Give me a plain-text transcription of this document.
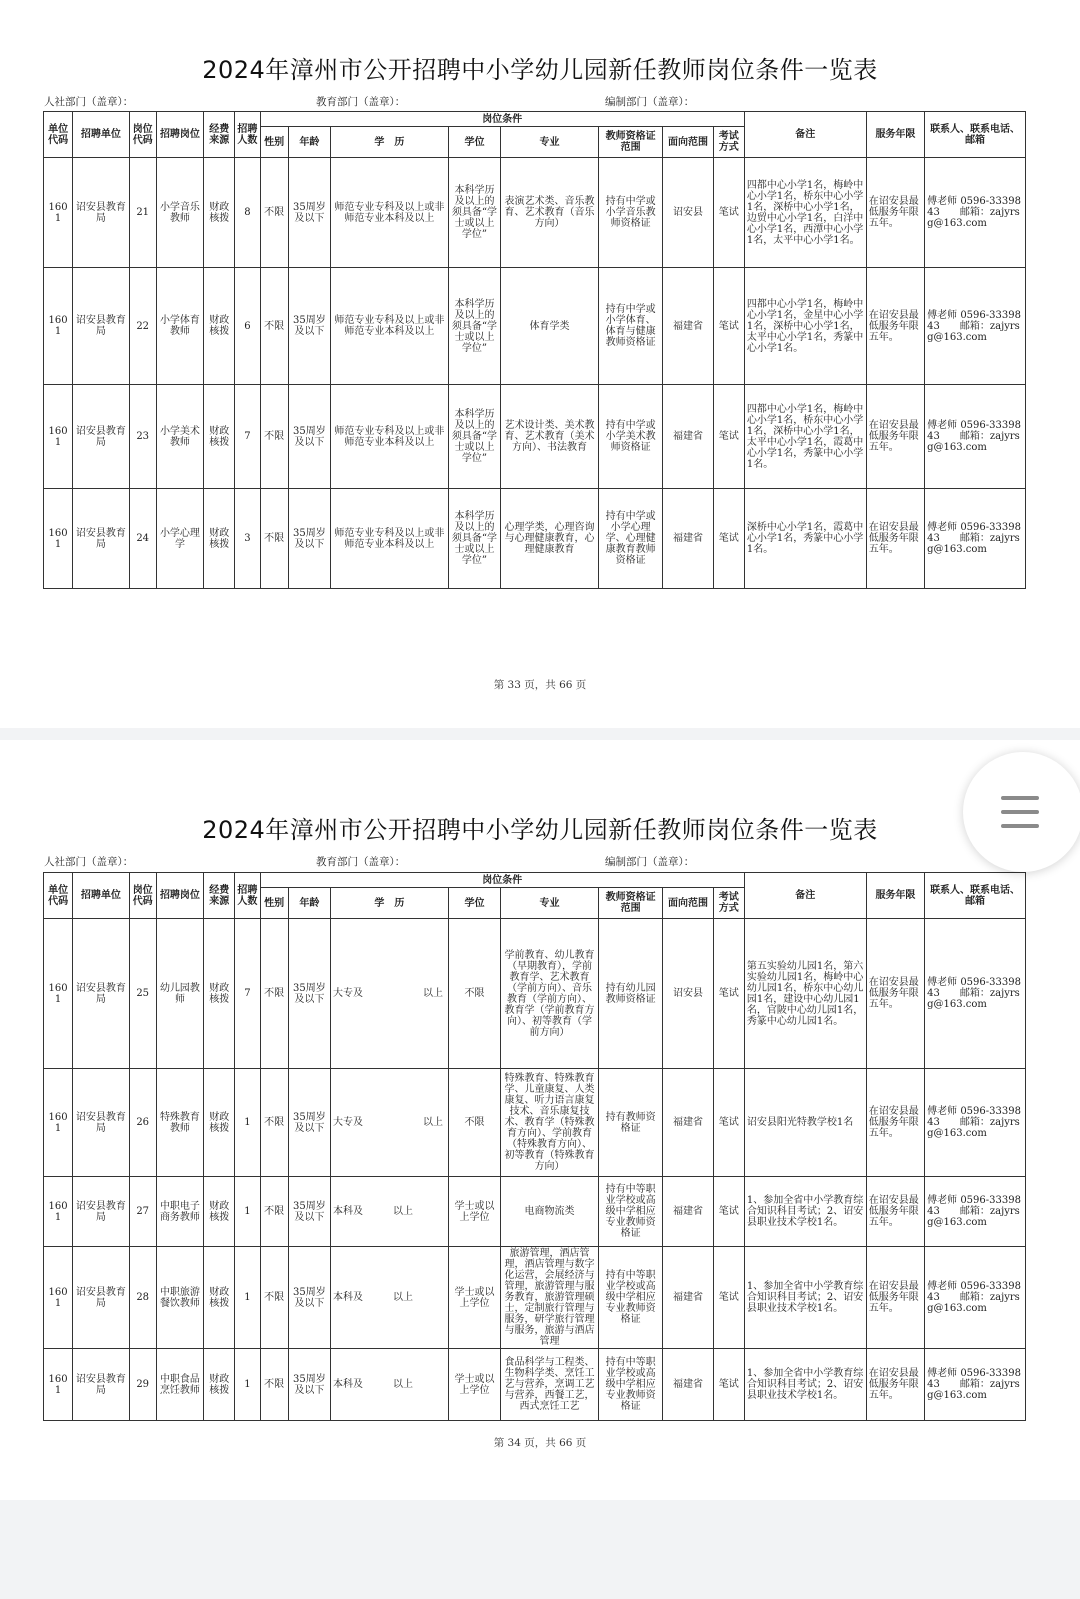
2024年漳州市公开招聘中小学幼儿园新任教师岗位条件一览表
人社部门（盖章）：	教育部门（盖章）：	编制部门（盖章）：
单位代码	招聘单位	岗位代码	招聘岗位	经费来源	招聘人数	岗位条件								备注	服务年限	联系人、联系电话、邮箱
						性别	年龄	学　历	学位	专业	教师资格证范围	面向范围	考试方式			
1601	诏安县教育局	21	小学音乐教师	财政核拨	8	不限	35周岁及以下	师范专业专科及以上或非师范专业本科及以上	本科学历及以上的须具备“学士或以上学位”	表演艺术类、音乐教育、艺术教育（音乐方向）	持有中学或小学音乐教师资格证	诏安县	笔试	四都中心小学1名，梅岭中心小学1名，桥东中心小学1名，深桥中心小学1名，边贸中心小学1名，白洋中心小学1名，西潭中心小学1名，太平中心小学1名。	在诏安县最低服务年限五年。	傅老师 0596-3339843　　邮箱：zajyrsg@163.com
1601	诏安县教育局	22	小学体育教师	财政核拨	6	不限	35周岁及以下	师范专业专科及以上或非师范专业本科及以上	本科学历及以上的须具备“学士或以上学位”	体育学类	持有中学或小学体育、体育与健康教师资格证	福建省	笔试	四都中心小学1名，梅岭中心小学1名，金星中心小学1名，深桥中心小学1名，太平中心小学1名，秀篆中心小学1名。	在诏安县最低服务年限五年。	傅老师 0596-3339843　　邮箱：zajyrsg@163.com
1601	诏安县教育局	23	小学美术教师	财政核拨	7	不限	35周岁及以下	师范专业专科及以上或非师范专业本科及以上	本科学历及以上的须具备“学士或以上学位”	艺术设计类、美术教育、艺术教育（美术方向）、书法教育	持有中学或小学美术教师资格证	福建省	笔试	四都中心小学1名，梅岭中心小学1名，桥东中心小学1名，深桥中心小学1名，太平中心小学1名，霞葛中心小学1名，秀篆中心小学1名。	在诏安县最低服务年限五年。	傅老师 0596-3339843　　邮箱：zajyrsg@163.com
1601	诏安县教育局	24	小学心理学	财政核拨	3	不限	35周岁及以下	师范专业专科及以上或非师范专业本科及以上	本科学历及以上的须具备“学士或以上学位”	心理学类，心理咨询与心理健康教育，心理健康教育	持有中学或小学心理学、心理健康教育教师资格证	福建省	笔试	深桥中心小学1名，霞葛中心小学1名，秀篆中心小学1名。	在诏安县最低服务年限五年。	傅老师 0596-3339843　　邮箱：zajyrsg@163.com
第 33 页，共 66 页
2024年漳州市公开招聘中小学幼儿园新任教师岗位条件一览表
人社部门（盖章）：	教育部门（盖章）：	编制部门（盖章）：
单位代码	招聘单位	岗位代码	招聘岗位	经费来源	招聘人数	岗位条件								备注	服务年限	联系人、联系电话、邮箱
						性别	年龄	学　历	学位	专业	教师资格证范围	面向范围	考试方式			
1601	诏安县教育局	25	幼儿园教师	财政核拨	7	不限	35周岁及以下	大专及　　　　　　以上	不限	学前教育、幼儿教育（早期教育），学前教育学、艺术教育（学前方向）、音乐教育（学前方向）、教育学（学前教育方向）、初等教育（学前方向）	持有幼儿园教师资格证	诏安县	笔试	第五实验幼儿园1名，第六实验幼儿园1名，梅岭中心幼儿园1名，桥东中心幼儿园1名，建设中心幼儿园1名，官陂中心幼儿园1名，秀篆中心幼儿园1名。	在诏安县最低服务年限五年。	傅老师 0596-3339843　　邮箱：zajyrsg@163.com
1601	诏安县教育局	26	特殊教育教师	财政核拨	1	不限	35周岁及以下	大专及　　　　　　以上	不限	特殊教育、特殊教育学、儿童康复、人类康复、听力语言康复技术、音乐康复技术、教育学（特殊教育方向）、学前教育（特殊教育方向）、初等教育（特殊教育方向）	持有教师资格证	福建省	笔试	诏安县阳光特教学校1名	在诏安县最低服务年限五年。	傅老师 0596-3339843　　邮箱：zajyrsg@163.com
1601	诏安县教育局	27	中职电子商务教师	财政核拨	1	不限	35周岁及以下	本科及　　　以上	学士或以上学位	电商物流类	持有中等职业学校或高级中学相应专业教师资格证	福建省	笔试	1、参加全省中小学教育综合知识科目考试；2、诏安县职业技术学校1名。	在诏安县最低服务年限五年。	傅老师 0596-3339843　　邮箱：zajyrsg@163.com
1601	诏安县教育局	28	中职旅游餐饮教师	财政核拨	1	不限	35周岁及以下	本科及　　　以上	学士或以上学位	旅游管理，酒店管理，酒店管理与数字化运营，会展经济与管理，旅游管理与服务教育，旅游管理硕士，定制旅行管理与服务，研学旅行管理与服务，旅游与酒店管理	持有中等职业学校或高级中学相应专业教师资格证	福建省	笔试	1、参加全省中小学教育综合知识科目考试；2、诏安县职业技术学校1名。	在诏安县最低服务年限五年。	傅老师 0596-3339843　　邮箱：zajyrsg@163.com
1601	诏安县教育局	29	中职食品烹饪教师	财政核拨	1	不限	35周岁及以下	本科及　　　以上	学士或以上学位	食品科学与工程类、生物科学类、烹饪工艺与营养，烹调工艺与营养，西餐工艺，西式烹饪工艺	持有中等职业学校或高级中学相应专业教师资格证	福建省	笔试	1、参加全省中小学教育综合知识科目考试；2、诏安县职业技术学校1名。	在诏安县最低服务年限五年。	傅老师 0596-3339843　　邮箱：zajyrsg@163.com
第 34 页，共 66 页
